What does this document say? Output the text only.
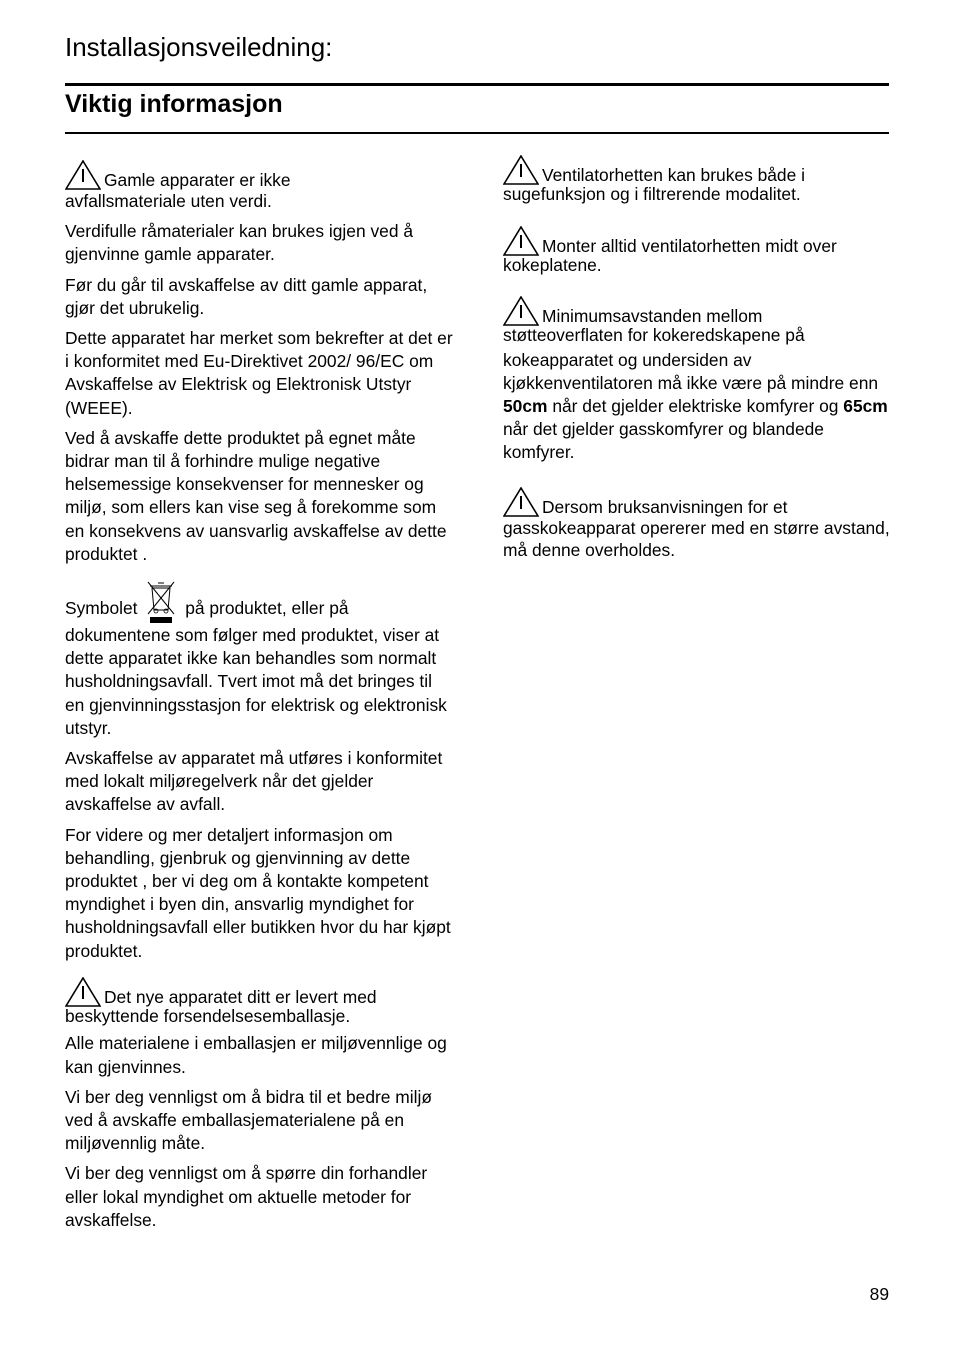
Installasjonsveiledning:
Viktig informasjon
Gamle apparater er ikke
avfallsmateriale uten verdi.

Verdifulle råmaterialer kan brukes igjen ved å gjenvinne gamle apparater.

Før du går til avskaffelse av ditt gamle apparat, gjør det ubrukelig.

Dette apparatet har merket som bekrefter at det er i konformitet med Eu-Direktivet 2002/ 96/EC om Avskaffelse av Elektrisk og Elektronisk Utstyr (WEEE).

Ved å avskaffe dette produktet på egnet måte bidrar man til å forhindre mulige negative helsemessige konsekvenser for mennesker og miljø, som ellers kan vise seg å forekomme som en konsekvens av uansvarlig avskaffelse av dette produktet .

Symbolet	på produktet, eller på dokumentene som følger med produktet, viser at dette apparatet ikke kan behandles som normalt husholdningsavfall. Tvert imot må det bringes til en gjenvinningsstasjon for elektrisk og elektronisk utstyr.

Avskaffelse av apparatet må utføres i konformitet med lokalt miljøregelverk når det gjelder avskaffelse av avfall.

For videre og mer detaljert informasjon om behandling, gjenbruk og gjenvinning av dette produktet , ber vi deg om å kontakte kompetent myndighet i byen din, ansvarlig myndighet for husholdningsavfall eller butikken hvor du har kjøpt produktet.

Det nye apparatet ditt er levert med
beskyttende forsendelsesemballasje.

Alle materialene i emballasjen er miljøvennlige og kan gjenvinnes.

Vi ber deg vennligst om å bidra til et bedre miljø ved å avskaffe emballasjematerialene på en miljøvennlig måte.

Vi ber deg vennligst om å spørre din forhandler eller lokal myndighet om aktuelle metoder for avskaffelse.

Ventilatorhetten kan brukes både i
sugefunksjon og i filtrerende modalitet.
Monter alltid ventilatorhetten midt over
kokeplatene.
Minimumsavstanden mellom
støtteoverflaten for kokeredskapene på
kokeapparatet og undersiden av kjøkkenventilatoren må ikke være på mindre enn 50cm når det gjelder elektriske komfyrer og 65cm når det gjelder gasskomfyrer og blandede komfyrer.
Dersom bruksanvisningen for et
gasskokeapparat opererer med en større avstand, må denne overholdes.
89
